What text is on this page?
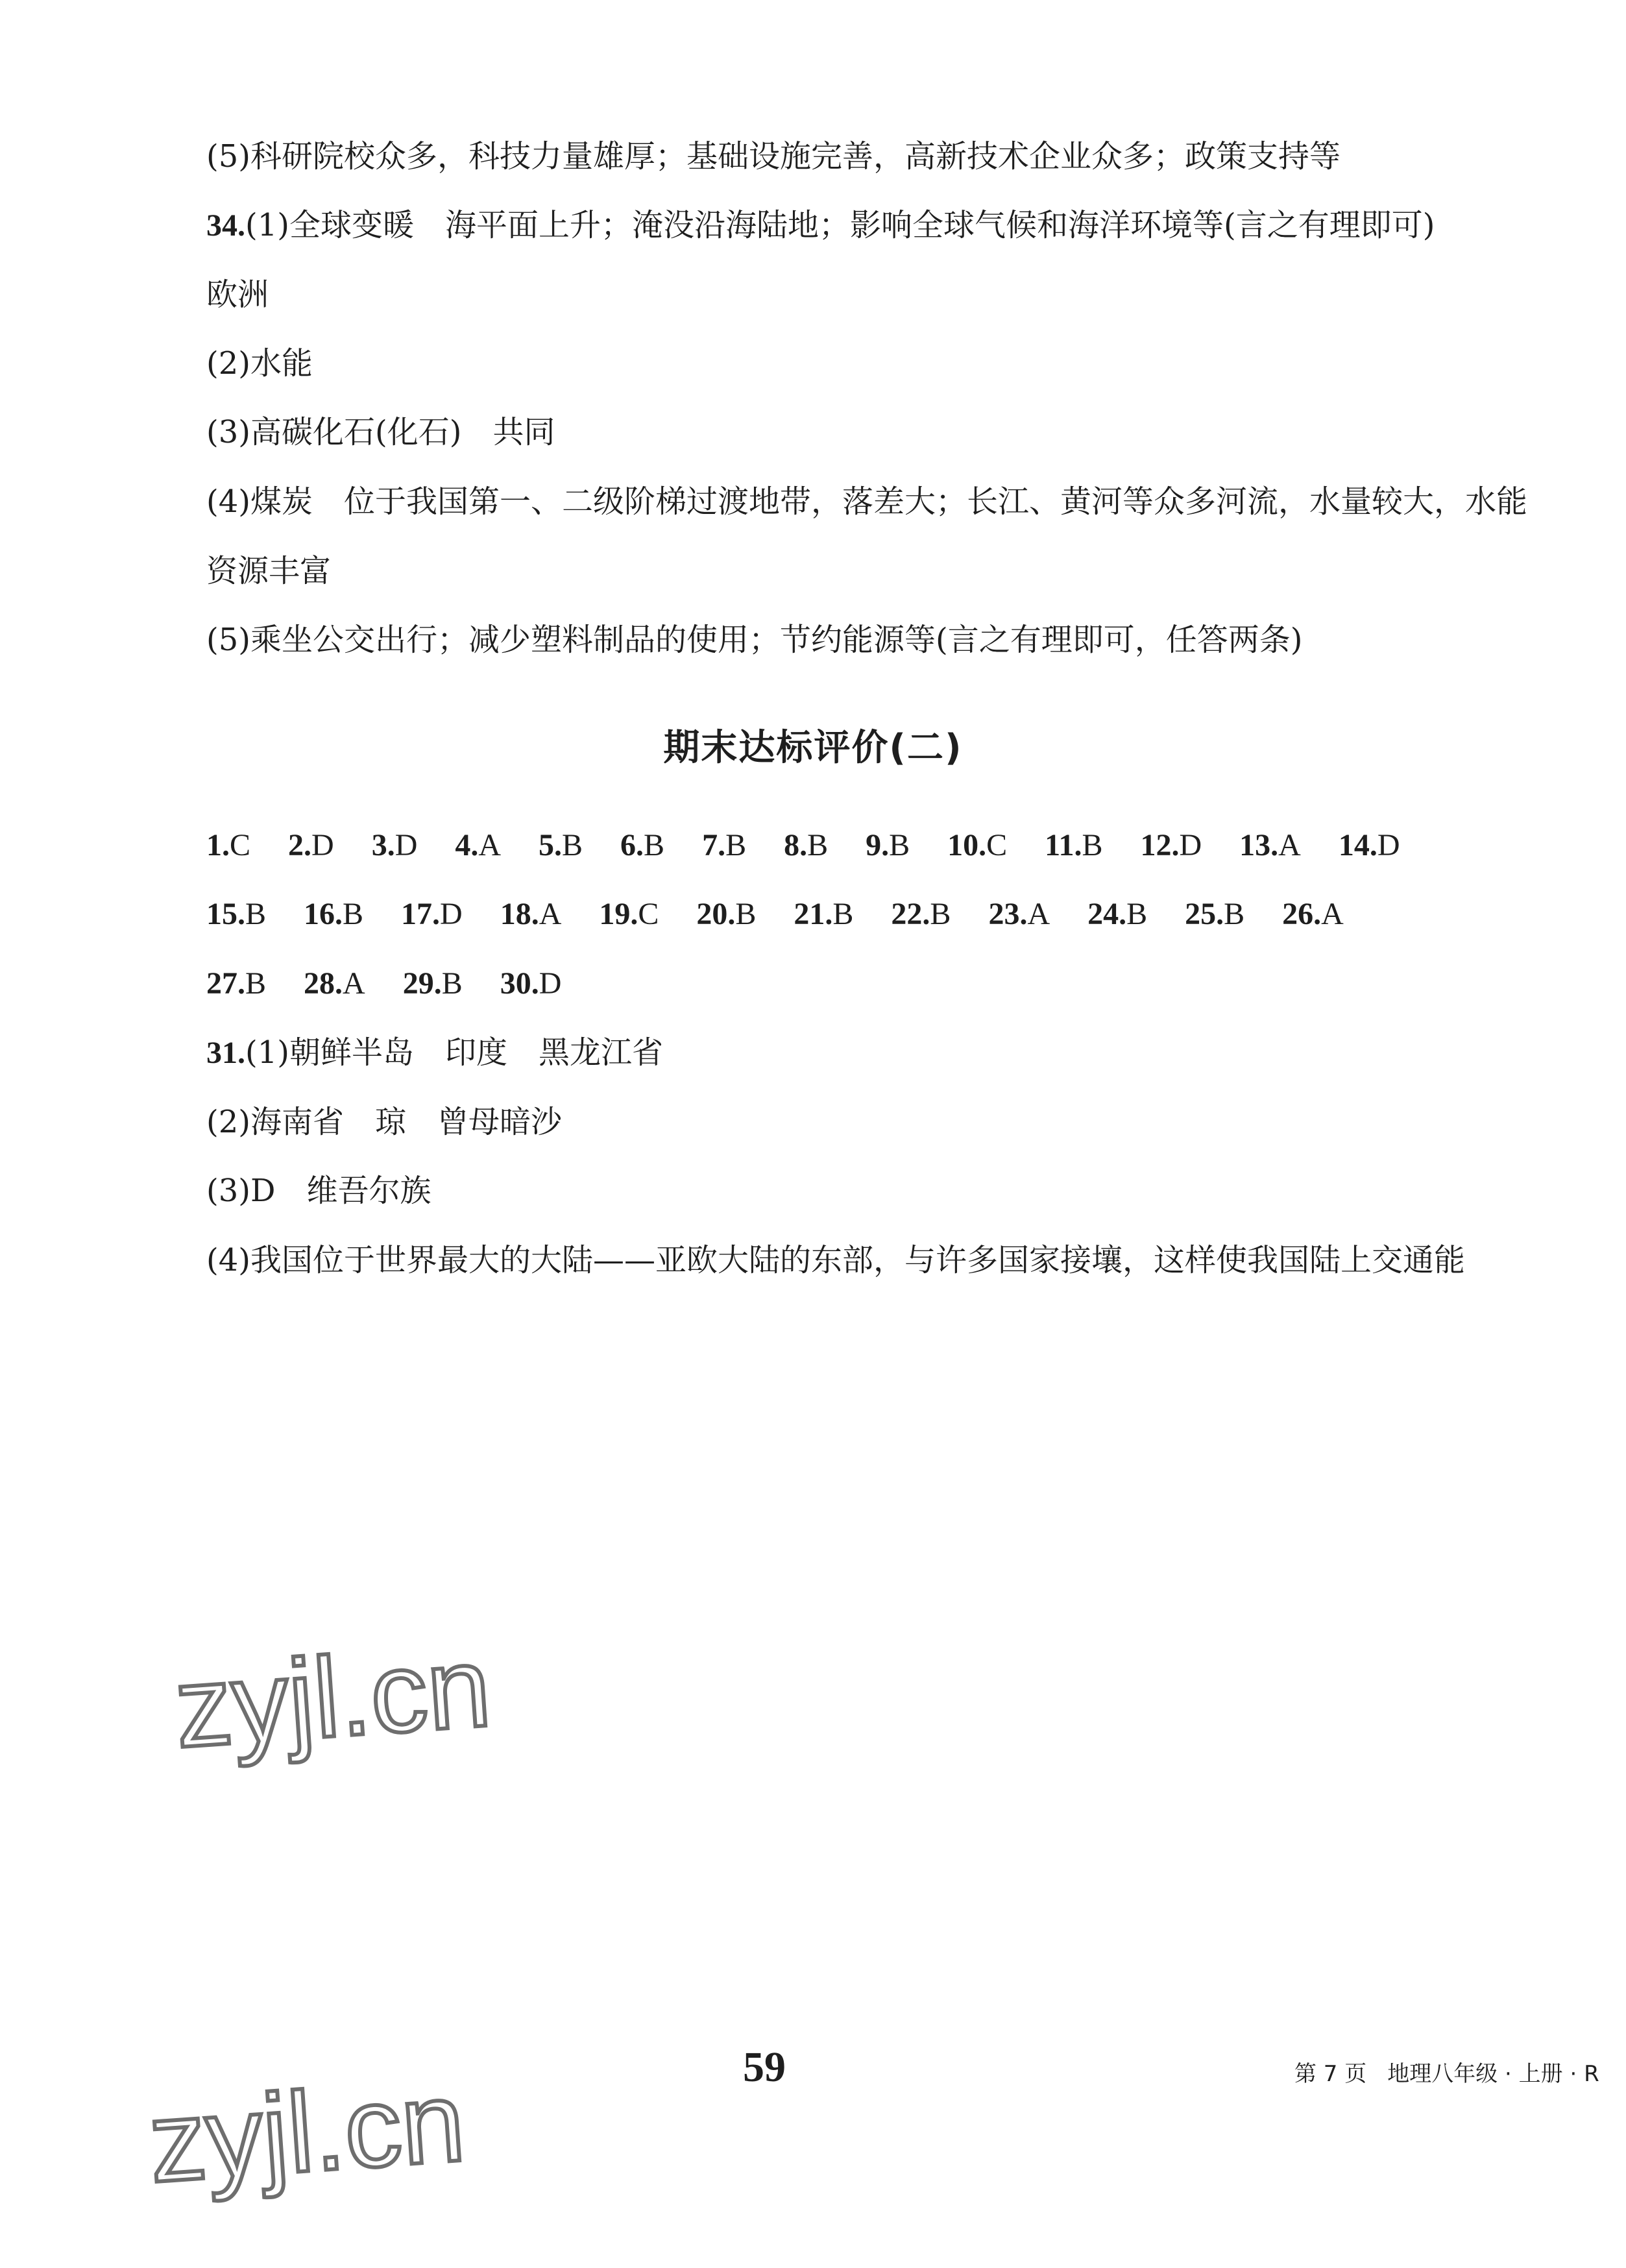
(5)科研院校众多，科技力量雄厚；基础设施完善，高新技术企业众多；政策支持等
34.(1)全球变暖　海平面上升；淹没沿海陆地；影响全球气候和海洋环境等(言之有理即可)
欧洲
(2)水能
(3)高碳化石(化石)　共同
(4)煤炭　位于我国第一、二级阶梯过渡地带，落差大；长江、黄河等众多河流，水量较大，水能
资源丰富
(5)乘坐公交出行；减少塑料制品的使用；节约能源等(言之有理即可，任答两条)
期末达标评价(二)
1.C 2.D 3.D 4.A 5.B 6.B 7.B 8.B 9.B 10.C 11.B 12.D 13.A 14.D
15.B 16.B 17.D 18.A 19.C 20.B 21.B 22.B 23.A 24.B 25.B 26.A
27.B 28.A 29.B 30.D
31.(1)朝鲜半岛　印度　黑龙江省
(2)海南省　琼　曾母暗沙
(3)D　维吾尔族
(4)我国位于世界最大的大陆——亚欧大陆的东部，与许多国家接壤，这样使我国陆上交通能
zyjl.cn
zyjl.cn	59	第 7 页 地理八年级 · 上册 · R
